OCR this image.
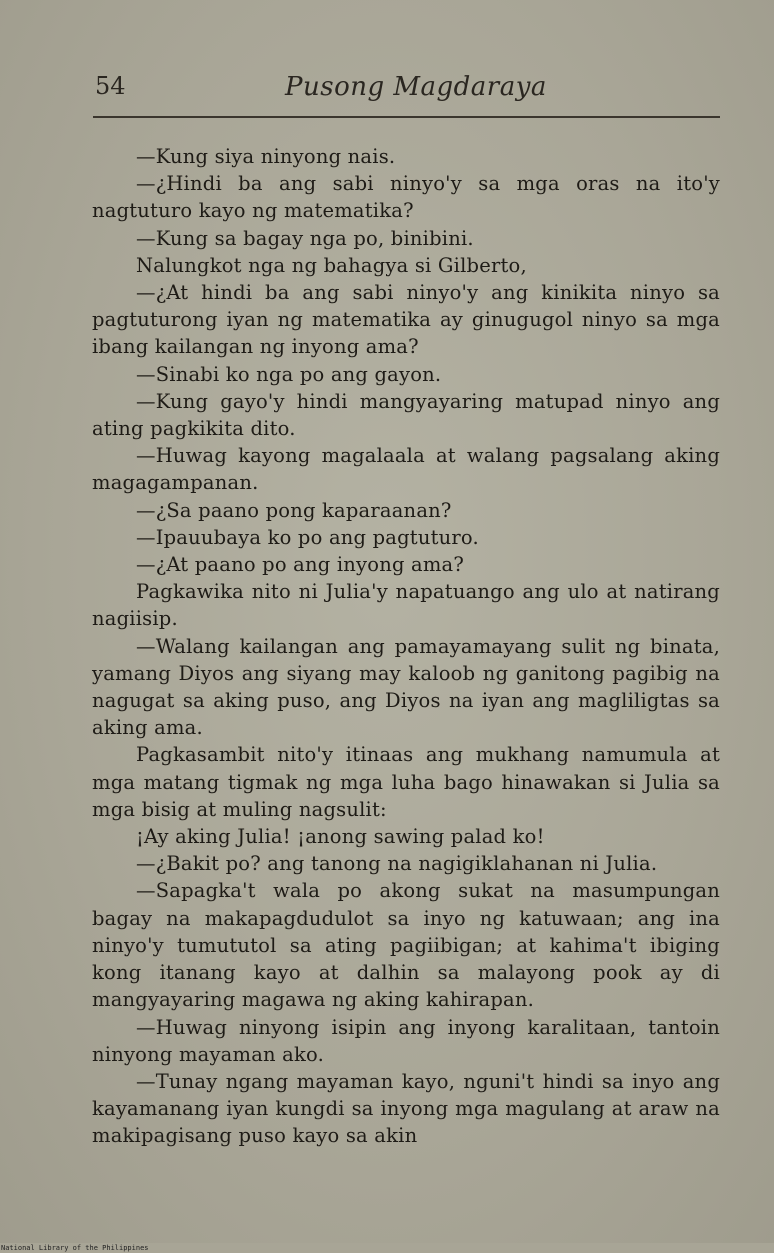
54	Pusong Magdaraya

—Kung siya ninyong nais.

—¿Hindi ba ang sabi ninyo'y sa mga oras na ito'y nagtuturo kayo ng matematika?

—Kung sa bagay nga po, binibini.

Nalungkot nga ng bahagya si Gilberto,

—¿At hindi ba ang sabi ninyo'y ang kinikita ninyo sa pagtuturong iyan ng matematika ay ginugugol ninyo sa mga ibang kailangan ng inyong ama?

—Sinabi ko nga po ang gayon.

—Kung gayo'y hindi mangyayaring matupad ninyo ang ating pagkikita dito.

—Huwag kayong magalaala at walang pagsalang aking magagampanan.

—¿Sa paano pong kaparaanan?

—Ipauubaya ko po ang pagtuturo.

—¿At paano po ang inyong ama?

Pagkawika nito ni Julia'y napatuango ang ulo at natirang nagiisip.

—Walang kailangan ang pamayamayang sulit ng binata, yamang Diyos ang siyang may kaloob ng ganitong pagibig na nagugat sa aking puso, ang Diyos na iyan ang magliligtas sa aking ama.

Pagkasambit nito'y itinaas ang mukhang namumula at mga matang tigmak ng mga luha bago hinawakan si Julia sa mga bisig at muling nagsulit:

¡Ay aking Julia! ¡anong sawing palad ko!

—¿Bakit po? ang tanong na nagigiklahanan ni Julia.

—Sapagka't wala po akong sukat na masumpungan bagay na makapagdudulot sa inyo ng katuwaan; ang ina ninyo'y tumututol sa ating pagiibigan; at kahima't ibiging kong itanang kayo at dalhin sa malayong pook ay di mangyayaring magawa ng aking kahirapan.

—Huwag ninyong isipin ang inyong karalitaan, tantoin ninyong mayaman ako.

—Tunay ngang mayaman kayo, nguni't hindi sa inyo ang kayamanang iyan kungdi sa inyong mga magulang at araw na makipagisang puso kayo sa akin

National Library of the Philippines
